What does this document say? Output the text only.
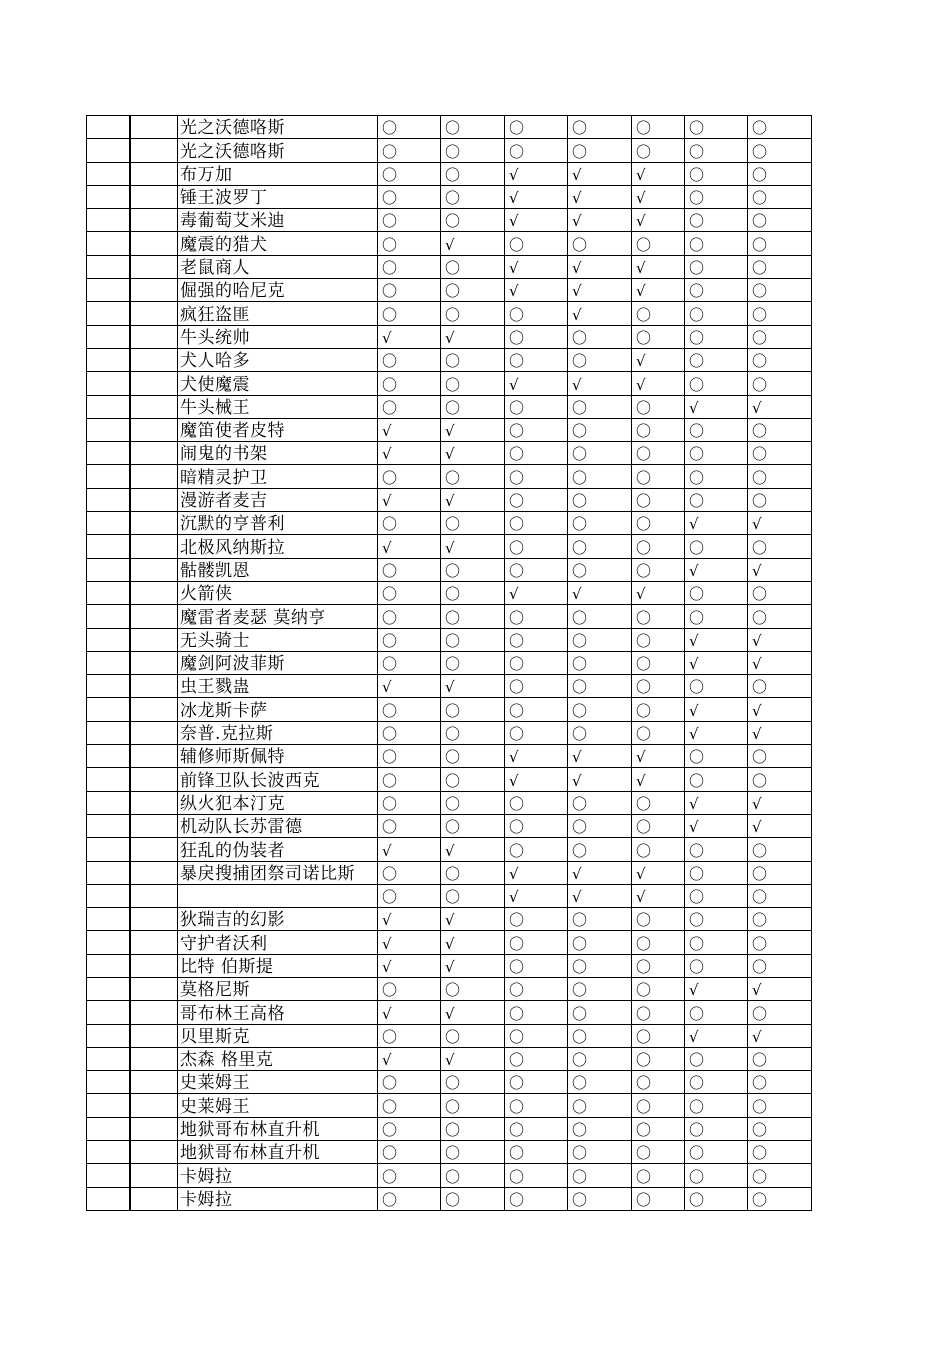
		光之沃德咯斯	〇	〇	〇	〇	〇	〇	〇
		光之沃德咯斯	〇	〇	〇	〇	〇	〇	〇
		布万加	〇	〇	√	√	√	〇	〇
		锤王波罗丁	〇	〇	√	√	√	〇	〇
		毒葡萄艾米迪	〇	〇	√	√	√	〇	〇
		魔震的猎犬	〇	√	〇	〇	〇	〇	〇
		老鼠商人	〇	〇	√	√	√	〇	〇
		倔强的哈尼克	〇	〇	√	√	√	〇	〇
		疯狂盗匪	〇	〇	〇	√	〇	〇	〇
		牛头统帅	√	√	〇	〇	〇	〇	〇
		犬人哈多	〇	〇	〇	〇	√	〇	〇
		犬使魔震	〇	〇	√	√	√	〇	〇
		牛头械王	〇	〇	〇	〇	〇	√	√
		魔笛使者皮特	√	√	〇	〇	〇	〇	〇
		闹鬼的书架	√	√	〇	〇	〇	〇	〇
		暗精灵护卫	〇	〇	〇	〇	〇	〇	〇
		漫游者麦吉	√	√	〇	〇	〇	〇	〇
		沉默的亨普利	〇	〇	〇	〇	〇	√	√
		北极风纳斯拉	√	√	〇	〇	〇	〇	〇
		骷髅凯恩	〇	〇	〇	〇	〇	√	√
		火箭侠	〇	〇	√	√	√	〇	〇
		魔雷者麦瑟 莫纳亨	〇	〇	〇	〇	〇	〇	〇
		无头骑士	〇	〇	〇	〇	〇	√	√
		魔剑阿波菲斯	〇	〇	〇	〇	〇	√	√
		虫王戮蛊	√	√	〇	〇	〇	〇	〇
		冰龙斯卡萨	〇	〇	〇	〇	〇	√	√
		奈普.克拉斯	〇	〇	〇	〇	〇	√	√
		辅修师斯佩特	〇	〇	√	√	√	〇	〇
		前锋卫队长波西克	〇	〇	√	√	√	〇	〇
		纵火犯本汀克	〇	〇	〇	〇	〇	√	√
		机动队长苏雷德	〇	〇	〇	〇	〇	√	√
		狂乱的伪装者	√	√	〇	〇	〇	〇	〇
		暴戾搜捕团祭司诺比斯	〇	〇	√	√	√	〇	〇
			〇	〇	√	√	√	〇	〇
		狄瑞吉的幻影	√	√	〇	〇	〇	〇	〇
		守护者沃利	√	√	〇	〇	〇	〇	〇
		比特 伯斯提	√	√	〇	〇	〇	〇	〇
		莫格尼斯	〇	〇	〇	〇	〇	√	√
		哥布林王高格	√	√	〇	〇	〇	〇	〇
		贝里斯克	〇	〇	〇	〇	〇	√	√
		杰森 格里克	√	√	〇	〇	〇	〇	〇
		史莱姆王	〇	〇	〇	〇	〇	〇	〇
		史莱姆王	〇	〇	〇	〇	〇	〇	〇
		地狱哥布林直升机	〇	〇	〇	〇	〇	〇	〇
		地狱哥布林直升机	〇	〇	〇	〇	〇	〇	〇
		卡姆拉	〇	〇	〇	〇	〇	〇	〇
		卡姆拉	〇	〇	〇	〇	〇	〇	〇
